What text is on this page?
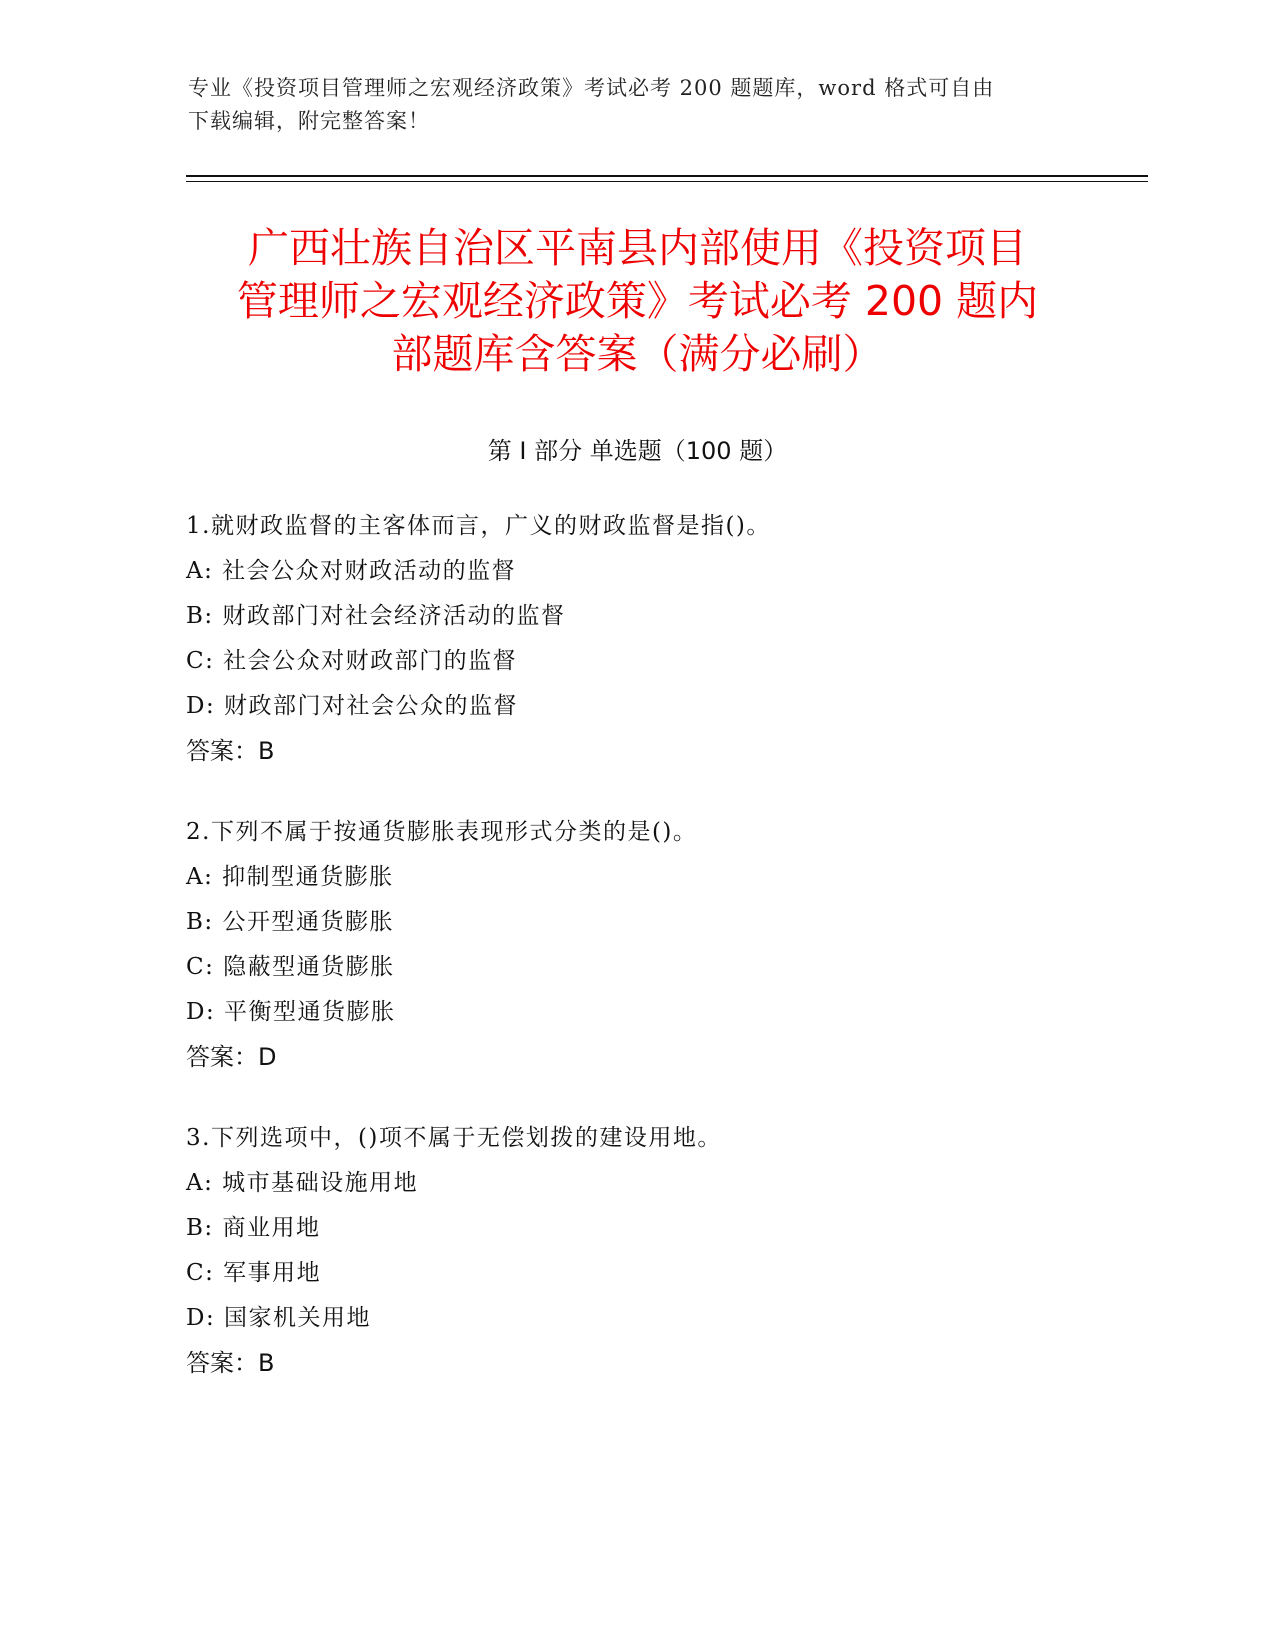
专业《投资项目管理师之宏观经济政策》考试必考 200 题题库，word 格式可自由
下载编辑，附完整答案！
广西壮族自治区平南县内部使用《投资项目
管理师之宏观经济政策》考试必考 200 题内
部题库含答案（满分必刷）
第 I 部分 单选题（100 题）
1.就财政监督的主客体而言，广义的财政监督是指()。
A: 社会公众对财政活动的监督
B: 财政部门对社会经济活动的监督
C: 社会公众对财政部门的监督
D: 财政部门对社会公众的监督
答案：B
2.下列不属于按通货膨胀表现形式分类的是()。
A: 抑制型通货膨胀
B: 公开型通货膨胀
C: 隐蔽型通货膨胀
D: 平衡型通货膨胀
答案：D
3.下列选项中，()项不属于无偿划拨的建设用地。
A: 城市基础设施用地
B: 商业用地
C: 军事用地
D: 国家机关用地
答案：B
